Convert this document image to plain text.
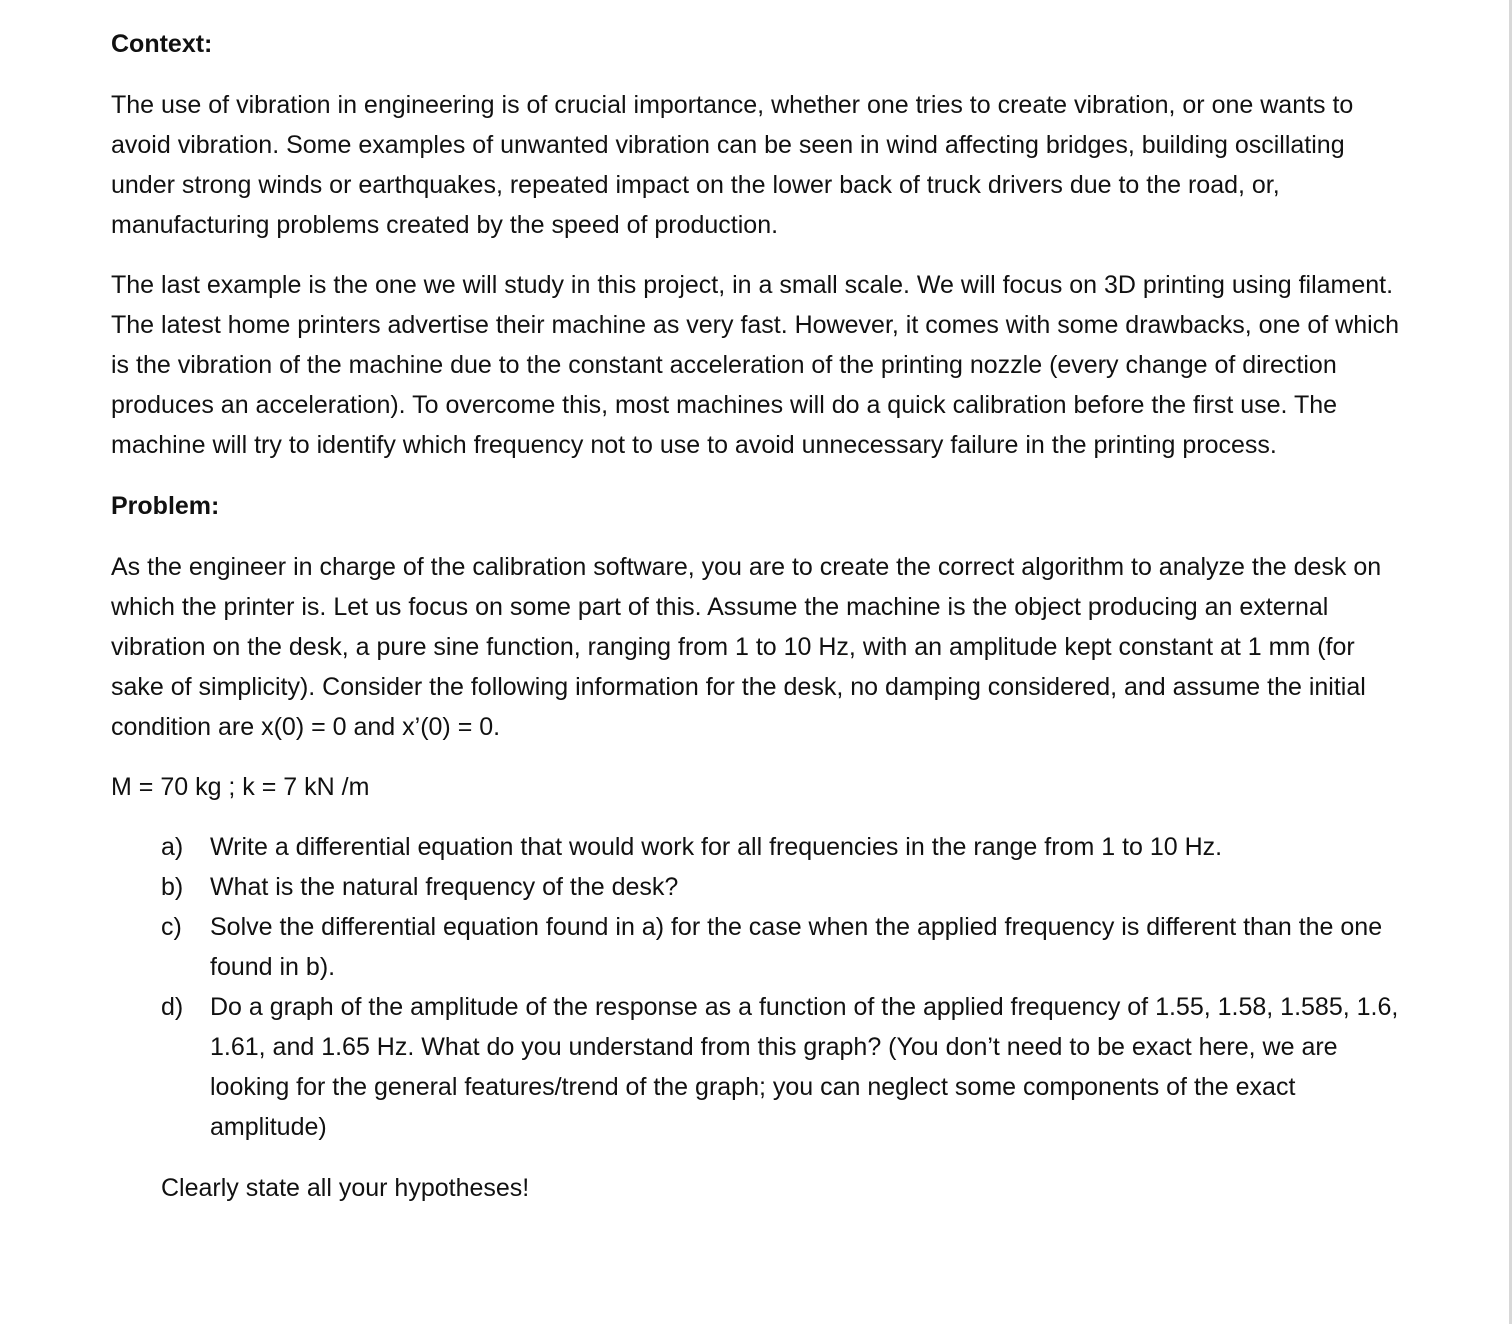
Context:

The use of vibration in engineering is of crucial importance, whether one tries to create vibration, or one wants to avoid vibration. Some examples of unwanted vibration can be seen in wind affecting bridges, building oscillating under strong winds or earthquakes, repeated impact on the lower back of truck drivers due to the road, or, manufacturing problems created by the speed of production.

The last example is the one we will study in this project, in a small scale. We will focus on 3D printing using filament. The latest home printers advertise their machine as very fast. However, it comes with some drawbacks, one of which is the vibration of the machine due to the constant acceleration of the printing nozzle (every change of direction produces an acceleration). To overcome this, most machines will do a quick calibration before the first use. The machine will try to identify which frequency not to use to avoid unnecessary failure in the printing process.

Problem:

As the engineer in charge of the calibration software, you are to create the correct algorithm to analyze the desk on which the printer is. Let us focus on some part of this. Assume the machine is the object producing an external vibration on the desk, a pure sine function, ranging from 1 to 10 Hz, with an amplitude kept constant at 1 mm (for sake of simplicity). Consider the following information for the desk, no damping considered, and assume the initial condition are x(0) = 0 and x’(0) = 0.

M = 70 kg ; k = 7 kN /m

a)	Write a differential equation that would work for all frequencies in the range from 1 to 10 Hz.
b)	What is the natural frequency of the desk?
c)	Solve the differential equation found in a) for the case when the applied frequency is different than the one found in b).
d)	Do a graph of the amplitude of the response as a function of the applied frequency of 1.55, 1.58, 1.585, 1.6, 1.61, and 1.65 Hz. What do you understand from this graph? (You don’t need to be exact here, we are looking for the general features/trend of the graph; you can neglect some components of the exact amplitude)

Clearly state all your hypotheses!
